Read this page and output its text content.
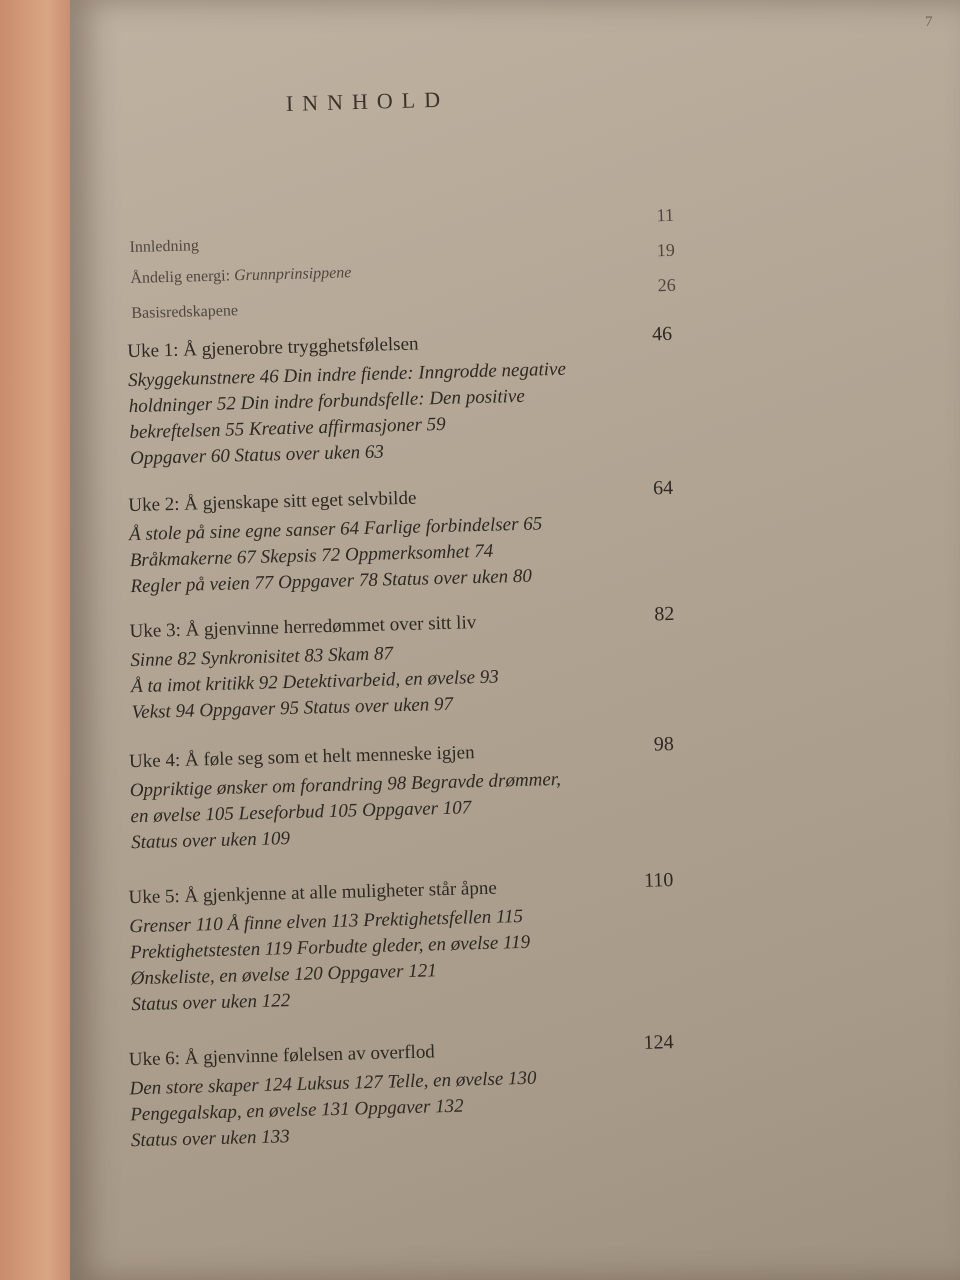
7
INNHOLD
Innledning
11
Åndelig energi: Grunnprinsippene
19
Basisredskapene
26
Uke 1: Å gjenerobre trygghetsfølelsen	46
Skyggekunstnere 46 Din indre fiende: Inngrodde negative
holdninger 52 Din indre forbundsfelle: Den positive
bekreftelsen 55 Kreative affirmasjoner 59
Oppgaver 60 Status over uken 63
Uke 2: Å gjenskape sitt eget selvbilde	64
Å stole på sine egne sanser 64 Farlige forbindelser 65
Bråkmakerne 67 Skepsis 72 Oppmerksomhet 74
Regler på veien 77 Oppgaver 78 Status over uken 80
Uke 3: Å gjenvinne herredømmet over sitt liv	82
Sinne 82 Synkronisitet 83 Skam 87
Å ta imot kritikk 92 Detektivarbeid, en øvelse 93
Vekst 94 Oppgaver 95 Status over uken 97
Uke 4: Å føle seg som et helt menneske igjen	98
Oppriktige ønsker om forandring 98 Begravde drømmer,
en øvelse 105 Leseforbud 105 Oppgaver 107
Status over uken 109
Uke 5: Å gjenkjenne at alle muligheter står åpne	110
Grenser 110 Å finne elven 113 Prektighetsfellen 115
Prektighetstesten 119 Forbudte gleder, en øvelse 119
Ønskeliste, en øvelse 120 Oppgaver 121
Status over uken 122
Uke 6: Å gjenvinne følelsen av overflod	124
Den store skaper 124 Luksus 127 Telle, en øvelse 130
Pengegalskap, en øvelse 131 Oppgaver 132
Status over uken 133
